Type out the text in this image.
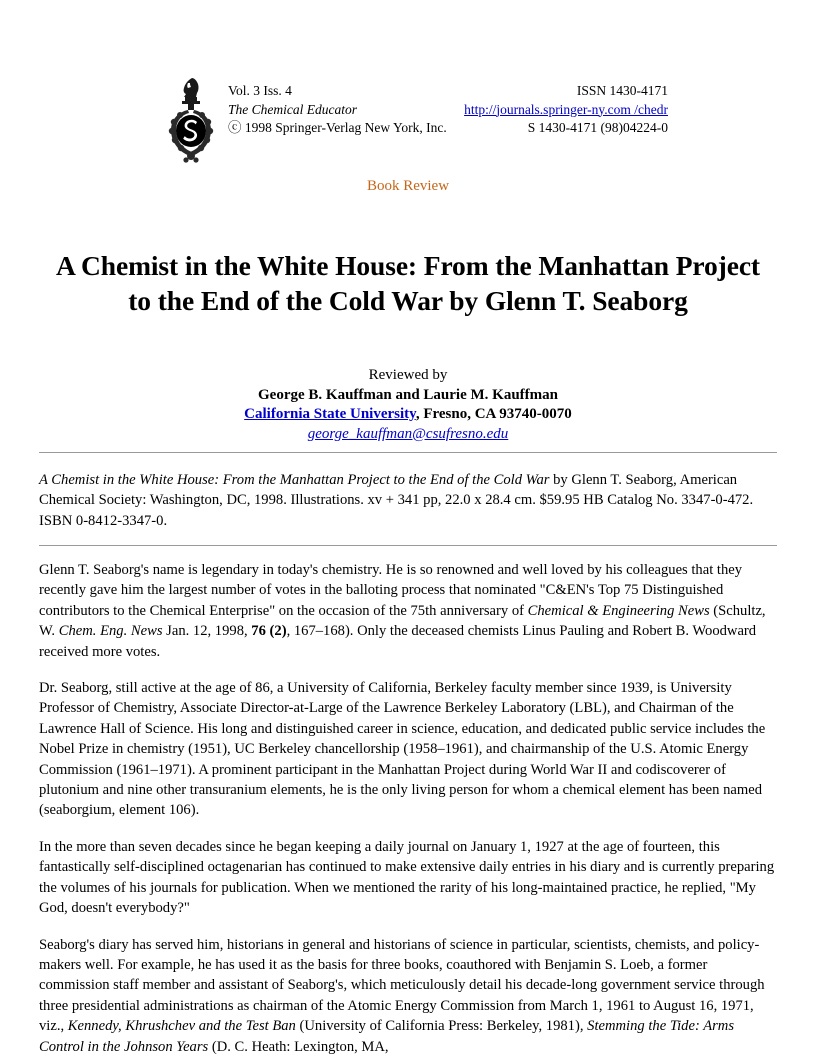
Vol. 3 Iss. 4
The Chemical Educator
ⓒ 1998 Springer-Verlag New York, Inc.
ISSN 1430-4171
http://journals.springer-ny.com /chedr
S 1430-4171 (98)04224-0
Book Review
A Chemist in the White House: From the Manhattan Project to the End of the Cold War by Glenn T. Seaborg
Reviewed by
George B. Kauffman and Laurie M. Kauffman
California State University, Fresno, CA 93740-0070
george_kauffman@csufresno.edu
A Chemist in the White House: From the Manhattan Project to the End of the Cold War by Glenn T. Seaborg, American Chemical Society: Washington, DC, 1998. Illustrations. xv + 341 pp, 22.0 x 28.4 cm. $59.95 HB Catalog No. 3347-0-472. ISBN 0-8412-3347-0.

Glenn T. Seaborg's name is legendary in today's chemistry. He is so renowned and well loved by his colleagues that they recently gave him the largest number of votes in the balloting process that nominated "C&EN's Top 75 Distinguished contributors to the Chemical Enterprise" on the occasion of the 75th anniversary of Chemical & Engineering News (Schultz, W. Chem. Eng. News Jan. 12, 1998, 76 (2), 167–168). Only the deceased chemists Linus Pauling and Robert B. Woodward received more votes.

Dr. Seaborg, still active at the age of 86, a University of California, Berkeley faculty member since 1939, is University Professor of Chemistry, Associate Director-at-Large of the Lawrence Berkeley Laboratory (LBL), and Chairman of the Lawrence Hall of Science. His long and distinguished career in science, education, and dedicated public service includes the Nobel Prize in chemistry (1951), UC Berkeley chancellorship (1958–1961), and chairmanship of the U.S. Atomic Energy Commission (1961–1971). A prominent participant in the Manhattan Project during World War II and codiscoverer of plutonium and nine other transuranium elements, he is the only living person for whom a chemical element has been named (seaborgium, element 106).

In the more than seven decades since he began keeping a daily journal on January 1, 1927 at the age of fourteen, this fantastically self-disciplined octagenarian has continued to make extensive daily entries in his diary and is currently preparing the volumes of his journals for publication. When we mentioned the rarity of his long-maintained practice, he replied, "My God, doesn't everybody?"

Seaborg's diary has served him, historians in general and historians of science in particular, scientists, chemists, and policy-makers well. For example, he has used it as the basis for three books, coauthored with Benjamin S. Loeb, a former commission staff member and assistant of Seaborg's, which meticulously detail his decade-long government service through three presidential administrations as chairman of the Atomic Energy Commission from March 1, 1961 to August 16, 1971, viz., Kennedy, Khrushchev and the Test Ban (University of California Press: Berkeley, 1981), Stemming the Tide: Arms Control in the Johnson Years (D. C. Heath: Lexington, MA,
